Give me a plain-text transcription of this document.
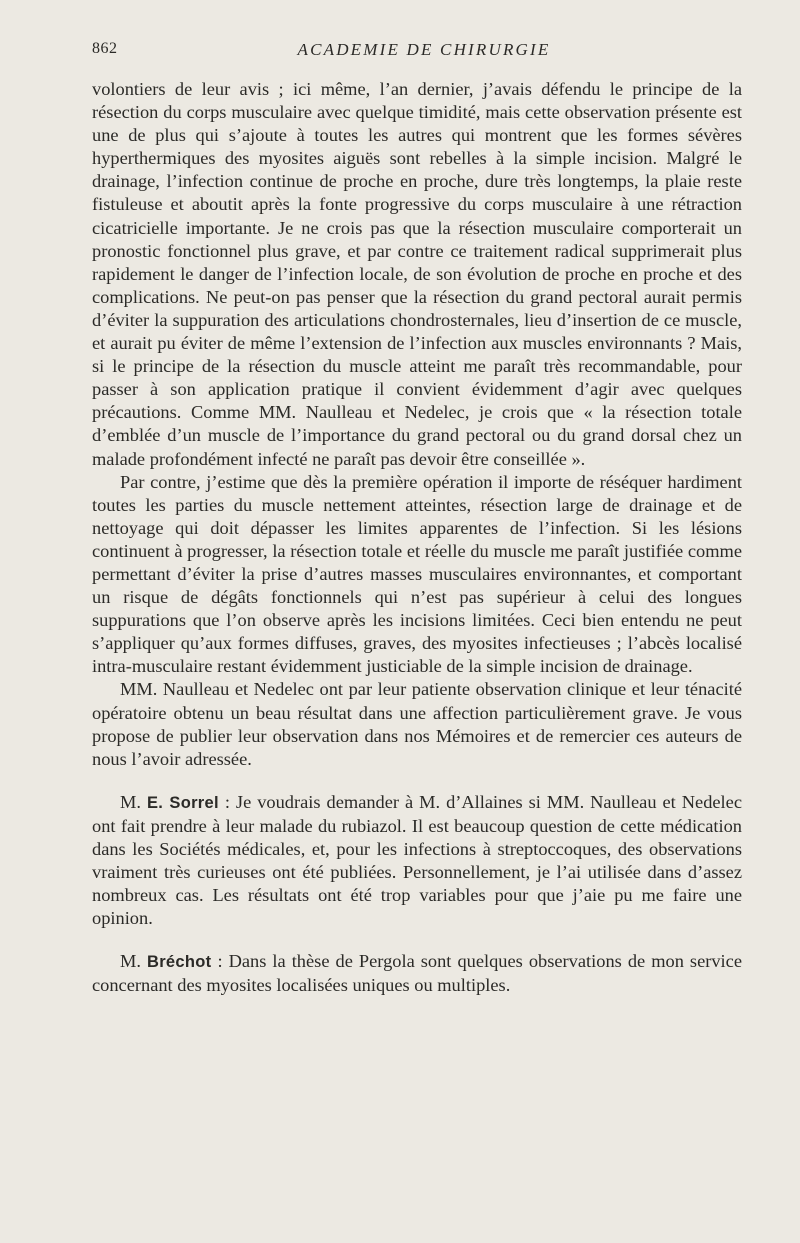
862	ACADEMIE DE CHIRURGIE

volontiers de leur avis ; ici même, l’an dernier, j’avais défendu le principe de la résection du corps musculaire avec quelque timidité, mais cette observation présente est une de plus qui s’ajoute à toutes les autres qui montrent que les formes sévères hyperthermiques des myosites aiguës sont rebelles à la simple incision. Malgré le drainage, l’infection continue de proche en proche, dure très longtemps, la plaie reste fistuleuse et aboutit après la fonte progressive du corps musculaire à une rétraction cicatricielle importante. Je ne crois pas que la résection musculaire comporterait un pronostic fonctionnel plus grave, et par contre ce traitement radical supprimerait plus rapidement le danger de l’infection locale, de son évolution de proche en proche et des complications. Ne peut-on pas penser que la résection du grand pectoral aurait permis d’éviter la suppuration des articulations chondrosternales, lieu d’insertion de ce muscle, et aurait pu éviter de même l’extension de l’infection aux muscles environnants ? Mais, si le principe de la résection du muscle atteint me paraît très recommandable, pour passer à son application pratique il convient évidemment d’agir avec quelques précautions. Comme MM. Naulleau et Nedelec, je crois que « la résection totale d’emblée d’un muscle de l’importance du grand pectoral ou du grand dorsal chez un malade profondément infecté ne paraît pas devoir être conseillée ».

Par contre, j’estime que dès la première opération il importe de réséquer hardiment toutes les parties du muscle nettement atteintes, résection large de drainage et de nettoyage qui doit dépasser les limites apparentes de l’infection. Si les lésions continuent à progresser, la résection totale et réelle du muscle me paraît justifiée comme permettant d’éviter la prise d’autres masses musculaires environnantes, et comportant un risque de dégâts fonctionnels qui n’est pas supérieur à celui des longues suppurations que l’on observe après les incisions limitées. Ceci bien entendu ne peut s’appliquer qu’aux formes diffuses, graves, des myosites infectieuses ; l’abcès localisé intra-musculaire restant évidemment justiciable de la simple incision de drainage.

MM. Naulleau et Nedelec ont par leur patiente observation clinique et leur ténacité opératoire obtenu un beau résultat dans une affection particulièrement grave. Je vous propose de publier leur observation dans nos Mémoires et de remercier ces auteurs de nous l’avoir adressée.

M. E. Sorrel : Je voudrais demander à M. d’Allaines si MM. Naulleau et Nedelec ont fait prendre à leur malade du rubiazol. Il est beaucoup question de cette médication dans les Sociétés médicales, et, pour les infections à streptoccoques, des observations vraiment très curieuses ont été publiées. Personnellement, je l’ai utilisée dans d’assez nombreux cas. Les résultats ont été trop variables pour que j’aie pu me faire une opinion.

M. Bréchot : Dans la thèse de Pergola sont quelques observations de mon service concernant des myosites localisées uniques ou multiples.
